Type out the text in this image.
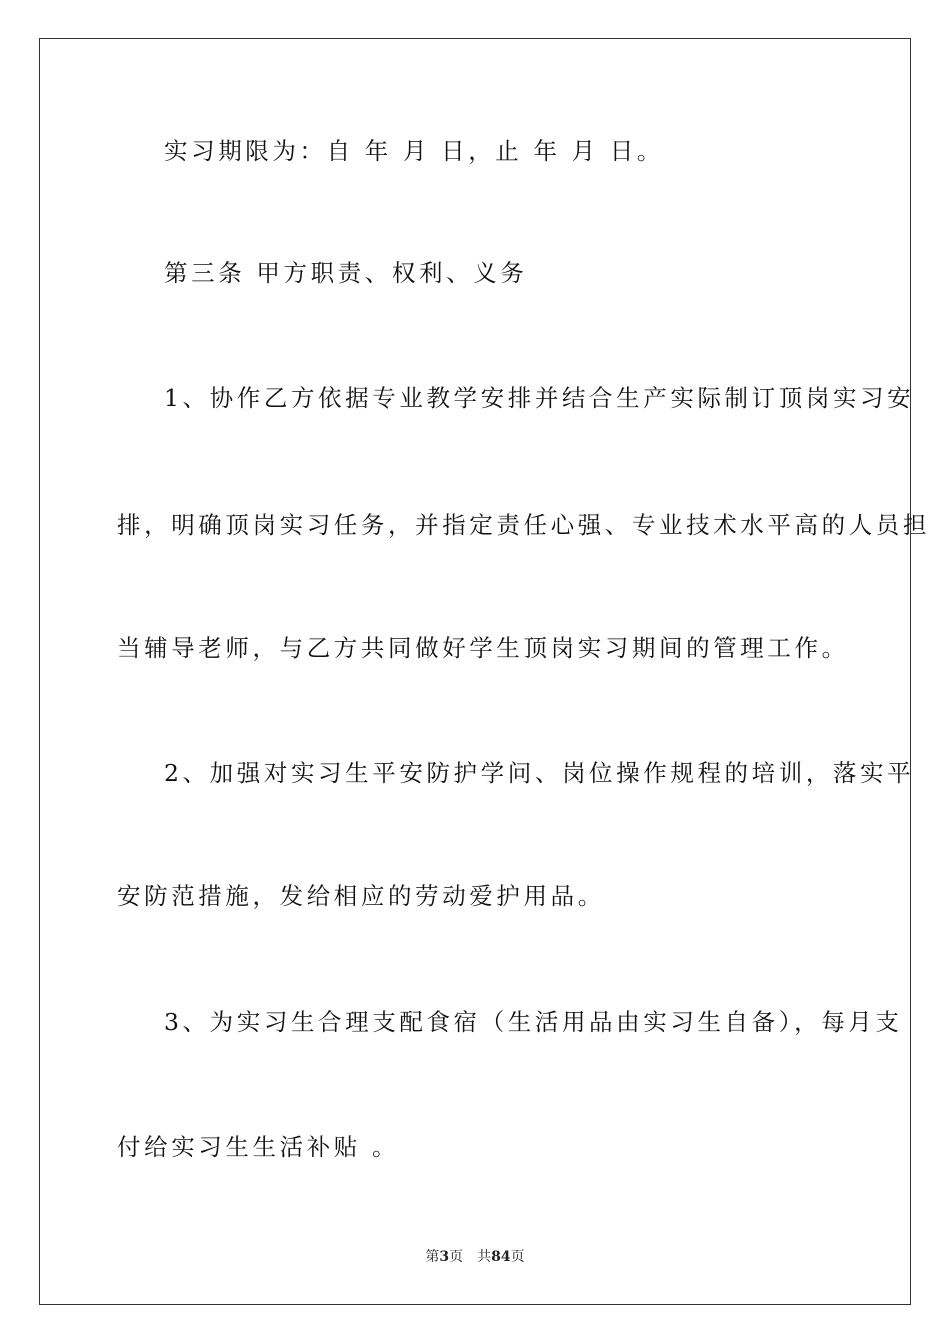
实习期限为：自 年 月 日，止 年 月 日。
第三条 甲方职责、权利、义务
1、协作乙方依据专业教学安排并结合生产实际制订顶岗实习安
排，明确顶岗实习任务，并指定责任心强、专业技术水平高的人员担
当辅导老师，与乙方共同做好学生顶岗实习期间的管理工作。
2、加强对实习生平安防护学问、岗位操作规程的培训，落实平
安防范措施，发给相应的劳动爱护用品。
3、为实习生合理支配食宿（生活用品由实习生自备），每月支
付给实习生生活补贴 。
第3页 共84页
